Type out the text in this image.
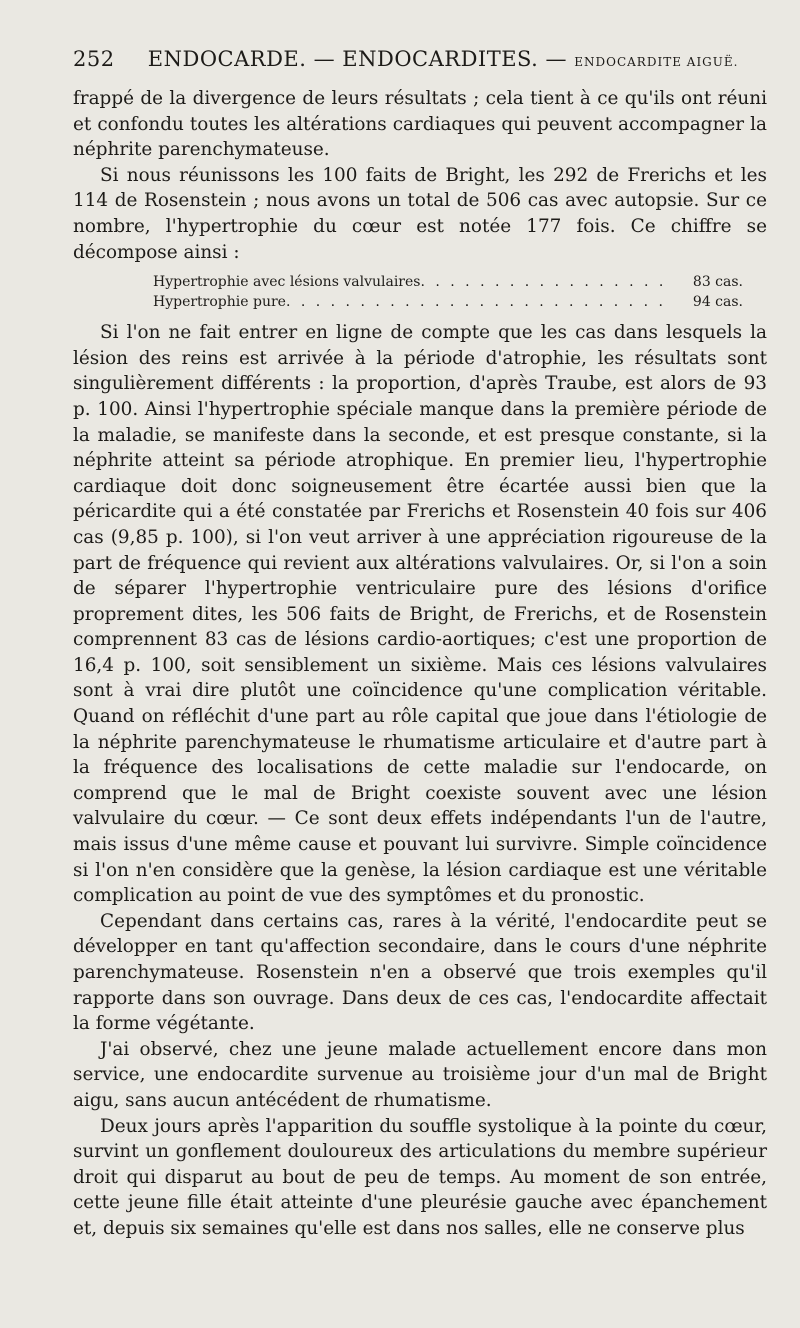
252 ENDOCARDE. — ENDOCARDITES. — ENDOCARDITE AIGUË.

frappé de la divergence de leurs résultats ; cela tient à ce qu'ils ont réuni et confondu toutes les altérations cardiaques qui peuvent accompagner la néphrite parenchymateuse.

Si nous réunissons les 100 faits de Bright, les 292 de Frerichs et les 114 de Rosenstein ; nous avons un total de 506 cas avec autopsie. Sur ce nombre, l'hypertrophie du cœur est notée 177 fois. Ce chiffre se décompose ainsi :

Hypertrophie avec lésions valvulaires . . .	83 cas.
Hypertrophie pure . . .	94 cas.

Si l'on ne fait entrer en ligne de compte que les cas dans lesquels la lésion des reins est arrivée à la période d'atrophie, les résultats sont singulièrement différents : la proportion, d'après Traube, est alors de 93 p. 100. Ainsi l'hypertrophie spéciale manque dans la première période de la maladie, se manifeste dans la seconde, et est presque constante, si la néphrite atteint sa période atrophique. En premier lieu, l'hypertrophie cardiaque doit donc soigneusement être écartée aussi bien que la péricardite qui a été constatée par Frerichs et Rosenstein 40 fois sur 406 cas (9,85 p. 100), si l'on veut arriver à une appréciation rigoureuse de la part de fréquence qui revient aux altérations valvulaires. Or, si l'on a soin de séparer l'hypertrophie ventriculaire pure des lésions d'orifice proprement dites, les 506 faits de Bright, de Frerichs, et de Rosenstein comprennent 83 cas de lésions cardio-aortiques; c'est une proportion de 16,4 p. 100, soit sensiblement un sixième. Mais ces lésions valvulaires sont à vrai dire plutôt une coïncidence qu'une complication véritable. Quand on réfléchit d'une part au rôle capital que joue dans l'étiologie de la néphrite parenchymateuse le rhumatisme articulaire et d'autre part à la fréquence des localisations de cette maladie sur l'endocarde, on comprend que le mal de Bright coexiste souvent avec une lésion valvulaire du cœur. — Ce sont deux effets indépendants l'un de l'autre, mais issus d'une même cause et pouvant lui survivre. Simple coïncidence si l'on n'en considère que la genèse, la lésion cardiaque est une véritable complication au point de vue des symptômes et du pronostic.

Cependant dans certains cas, rares à la vérité, l'endocardite peut se développer en tant qu'affection secondaire, dans le cours d'une néphrite parenchymateuse. Rosenstein n'en a observé que trois exemples qu'il rapporte dans son ouvrage. Dans deux de ces cas, l'endocardite affectait la forme végétante.

J'ai observé, chez une jeune malade actuellement encore dans mon service, une endocardite survenue au troisième jour d'un mal de Bright aigu, sans aucun antécédent de rhumatisme.

Deux jours après l'apparition du souffle systolique à la pointe du cœur, survint un gonflement douloureux des articulations du membre supérieur droit qui disparut au bout de peu de temps. Au moment de son entrée, cette jeune fille était atteinte d'une pleurésie gauche avec épanchement et, depuis six semaines qu'elle est dans nos salles, elle ne conserve plus
